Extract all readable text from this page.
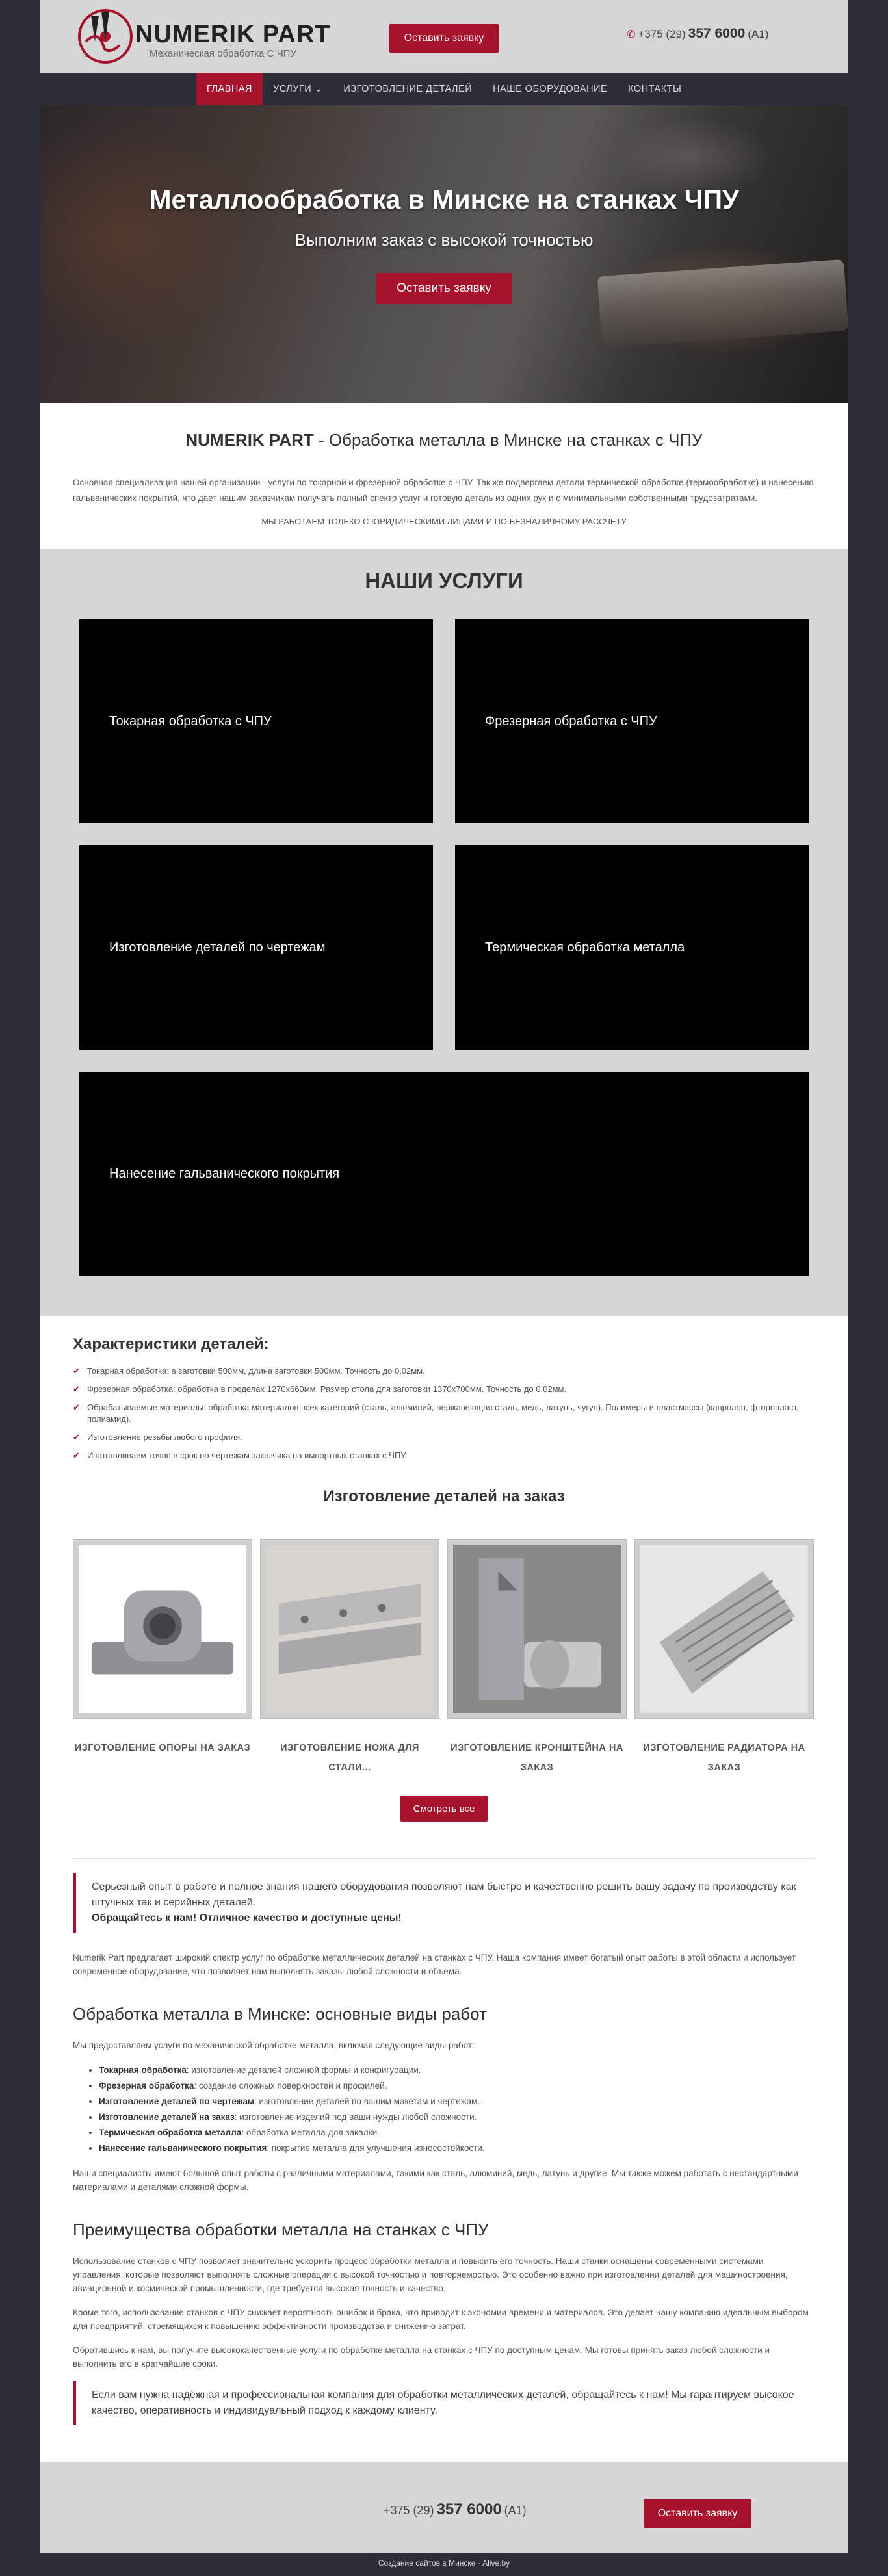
NUMERIK PART
Механическая обработка С ЧПУ
Оставить заявку	✆ +375 (29) 357 6000 (A1)
ГЛАВНАЯ	УСЛУГИ ⌄	ИЗГОТОВЛЕНИЕ ДЕТАЛЕЙ	НАШЕ ОБОРУДОВАНИЕ	КОНТАКТЫ
Металлообработка в Минске на станках ЧПУ
Выполним заказ с высокой точностью
Оставить заявку
NUMERIK PART - Обработка металла в Минске на станках с ЧПУ

Основная специализация нашей организации - услуги по токарной и фрезерной обработке с ЧПУ. Так же подвергаем детали термической обработке (термообработке) и нанесению гальванических покрытий, что дает нашим заказчикам получать полный спектр услуг и готовую деталь из одних рук и с минимальными собственными трудозатратами.

МЫ РАБОТАЕМ ТОЛЬКО С ЮРИДИЧЕСКИМИ ЛИЦАМИ И ПО БЕЗНАЛИЧНОМУ РАССЧЕТУ

НАШИ УСЛУГИ
Токарная обработка с ЧПУ	Фрезерная обработка с ЧПУ
Изготовление деталей по чертежам	Термическая обработка металла
Нанесение гальванического покрытия
Характеристики деталей:
✔ Токарная обработка: а заготовки 500мм, длина заготовки 500мм. Точность до 0,02мм.
✔ Фрезерная обработка: обработка в пределах 1270x660мм. Размер стола для заготовки 1370x700мм. Точность до 0,02мм.
✔ Обрабатываемые материалы: обработка материалов всех категорий (сталь, алюминий, нержавеющая сталь, медь, латунь, чугун). Полимеры и пластмассы (капролон, фторопласт, полиамид).
✔ Изготовление резьбы любого профиля.
✔ Изготавливаем точно в срок по чертежам заказчика на импортных станках с ЧПУ
Изготовление деталей на заказ
ИЗГОТОВЛЕНИЕ ОПОРЫ НА ЗАКАЗ	ИЗГОТОВЛЕНИЕ НОЖА ДЛЯ СТАЛИ...
ИЗГОТОВЛЕНИЕ КРОНШТЕЙНА НА ЗАКАЗ
ИЗГОТОВЛЕНИЕ РАДИАТОРА НА ЗАКАЗ
Смотреть все
Серьезный опыт в работе и полное знания нашего оборудования позволяют нам быстро и качественно решить вашу задачу по производству как штучных так и серийных деталей.
Обращайтесь к нам! Отличное качество и доступные цены!

Numerik Part предлагает широкий спектр услуг по обработке металлических деталей на станках с ЧПУ. Наша компания имеет богатый опыт работы в этой области и использует современное оборудование, что позволяет нам выполнять заказы любой сложности и объема.

Обработка металла в Минске: основные виды работ

Мы предоставляем услуги по механической обработке металла, включая следующие виды работ:

• Токарная обработка: изготовление деталей сложной формы и конфигурации.
• Фрезерная обработка: создание сложных поверхностей и профилей.
• Изготовление деталей по чертежам: изготовление деталей по вашим макетам и чертежам.
• Изготовление деталей на заказ: изготовление изделий под ваши нужды любой сложности.
• Термическая обработка металла: обработка металла для закалки.
• Нанесение гальванического покрытия: покрытие металла для улучшения износостойкости.

Наши специалисты имеют большой опыт работы с различными материалами, такими как сталь, алюминий, медь, латунь и другие. Мы также можем работать с нестандартными материалами и деталями сложной формы.

Преимущества обработки металла на станках с ЧПУ

Использование станков с ЧПУ позволяет значительно ускорить процесс обработки металла и повысить его точность. Наши станки оснащены современными системами управления, которые позволяют выполнять сложные операции с высокой точностью и повторяемостью. Это особенно важно при изготовлении деталей для машиностроения, авиационной и космической промышленности, где требуется высокая точность и качество.

Кроме того, использование станков с ЧПУ снижает вероятность ошибок и брака, что приводит к экономии времени и материалов. Это делает нашу компанию идеальным выбором для предприятий, стремящихся к повышению эффективности производства и снижению затрат.

Обратившись к нам, вы получите высококачественные услуги по обработке металла на станках с ЧПУ по доступным ценам. Мы готовы принять заказ любой сложности и выполнить его в кратчайшие сроки.

Если вам нужна надёжная и профессиональная компания для обработки металлических деталей, обращайтесь к нам! Мы гарантируем высокое качество, оперативность и индивидуальный подход к каждому клиенту.
+375 (29) 357 6000 (A1)	Оставить заявку
Создание сайтов в Минске - Alive.by
